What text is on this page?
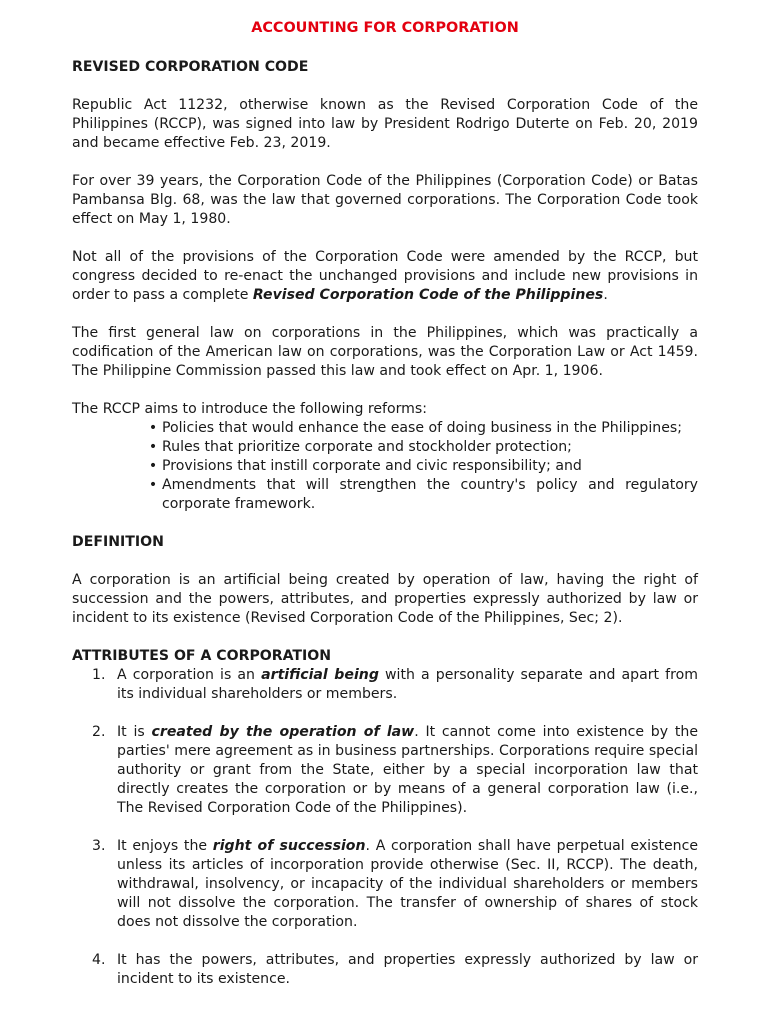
ACCOUNTING FOR CORPORATION
REVISED CORPORATION CODE

Republic Act 11232, otherwise known as the Revised Corporation Code of the Philippines (RCCP), was signed into law by President Rodrigo Duterte on Feb. 20, 2019 and became effective Feb. 23, 2019.

For over 39 years, the Corporation Code of the Philippines (Corporation Code) or Batas Pambansa Blg. 68, was the law that governed corporations. The Corporation Code took effect on May 1, 1980.

Not all of the provisions of the Corporation Code were amended by the RCCP, but congress decided to re-enact the unchanged provisions and include new provisions in order to pass a complete Revised Corporation Code of the Philippines.

The first general law on corporations in the Philippines, which was practically a codification of the American law on corporations, was the Corporation Law or Act 1459. The Philippine Commission passed this law and took effect on Apr. 1, 1906.

The RCCP aims to introduce the following reforms:

• Policies that would enhance the ease of doing business in the Philippines;
• Rules that prioritize corporate and stockholder protection;
• Provisions that instill corporate and civic responsibility; and
• Amendments that will strengthen the country's policy and regulatory corporate framework.
DEFINITION

A corporation is an artificial being created by operation of law, having the right of succession and the powers, attributes, and properties expressly authorized by law or incident to its existence (Revised Corporation Code of the Philippines, Sec; 2).

ATTRIBUTES OF A CORPORATION
1. A corporation is an artificial being with a personality separate and apart from its individual shareholders or members.
2. It is created by the operation of law. It cannot come into existence by the parties' mere agreement as in business partnerships. Corporations require special authority or grant from the State, either by a special incorporation law that directly creates the corporation or by means of a general corporation law (i.e., The Revised Corporation Code of the Philippines).
3. It enjoys the right of succession. A corporation shall have perpetual existence unless its articles of incorporation provide otherwise (Sec. II, RCCP). The death, withdrawal, insolvency, or incapacity of the individual shareholders or members will not dissolve the corporation. The transfer of ownership of shares of stock does not dissolve the corporation.
4. It has the powers, attributes, and properties expressly authorized by law or incident to its existence.
